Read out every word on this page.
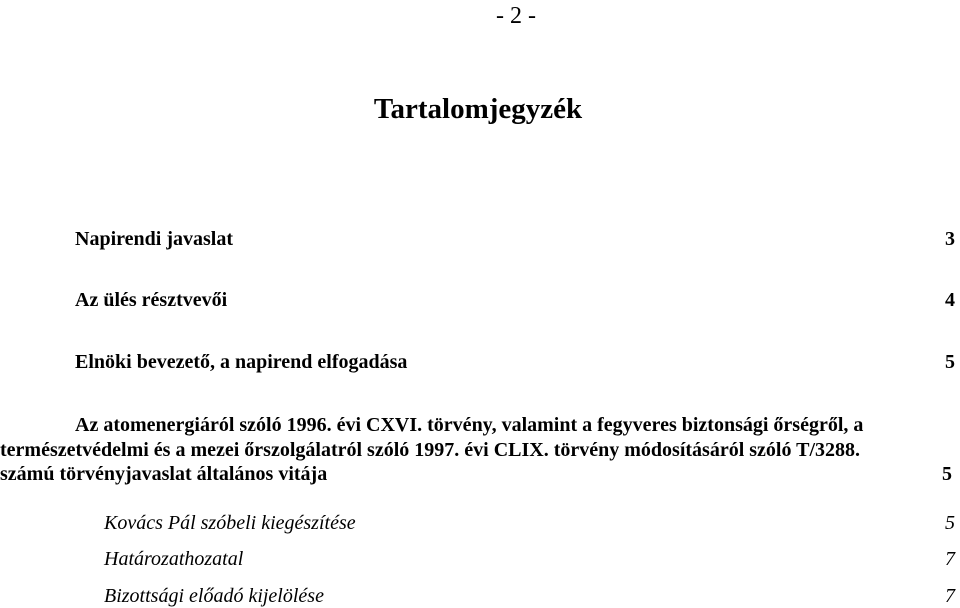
- 2 -
Tartalomjegyzék
Napirendi javaslat	3
Az ülés résztvevői	4
Elnöki bevezető, a napirend elfogadása	5
Az atomenergiáról szóló 1996. évi CXVI. törvény, valamint a fegyveres biztonsági őrségről, a
természetvédelmi és a mezei őrszolgálatról szóló 1997. évi CLIX. törvény módosításáról szóló T/3288.
számú törvényjavaslat általános vitája	5
Kovács Pál szóbeli kiegészítése	5
Határozathozatal	7
Bizottsági előadó kijelölése	7
